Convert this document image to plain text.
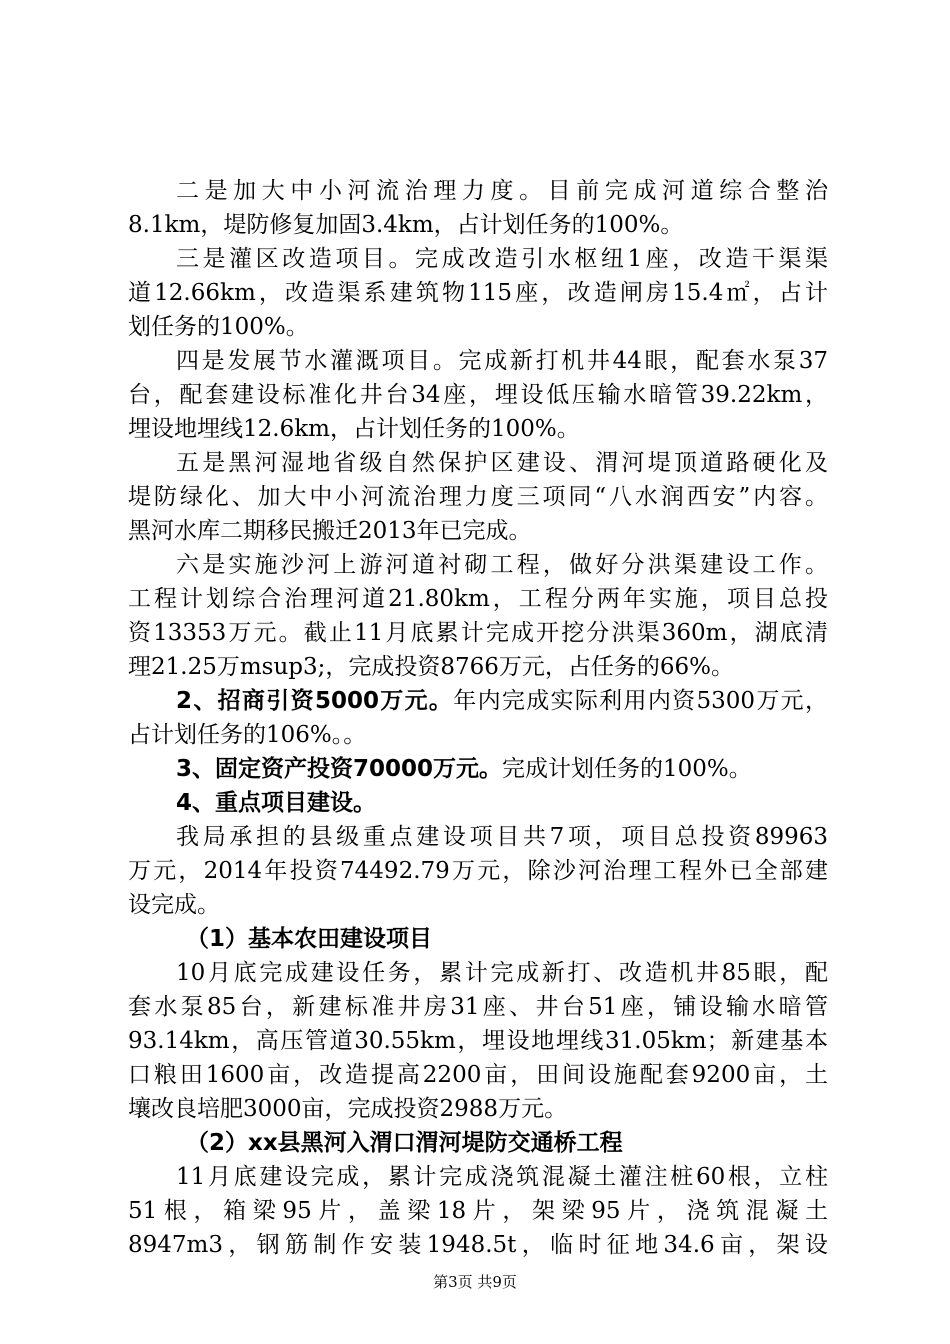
二是加大中小河流治理力度。目前完成河道综合整治
8.1km，堤防修复加固3.4km，占计划任务的100%。
三是灌区改造项目。完成改造引水枢纽1座，改造干渠渠
道12.66km，改造渠系建筑物115座，改造闸房15.4㎡，占计
划任务的100%。
四是发展节水灌溉项目。完成新打机井44眼，配套水泵37
台，配套建设标准化井台34座，埋设低压输水暗管39.22km，
埋设地埋线12.6km，占计划任务的100%。
五是黑河湿地省级自然保护区建设、渭河堤顶道路硬化及
堤防绿化、加大中小河流治理力度三项同“八水润西安”内容。
黑河水库二期移民搬迁2013年已完成。
六是实施沙河上游河道衬砌工程，做好分洪渠建设工作。
工程计划综合治理河道21.80km，工程分两年实施，项目总投
资13353万元。截止11月底累计完成开挖分洪渠360m，湖底清
理21.25万msup3;，完成投资8766万元，占任务的66%。
2、招商引资5000万元。年内完成实际利用内资5300万元，
占计划任务的106%。。
3、固定资产投资70000万元。完成计划任务的100%。
4、重点项目建设。
我局承担的县级重点建设项目共7项，项目总投资89963
万元，2014年投资74492.79万元，除沙河治理工程外已全部建
设完成。
（1）基本农田建设项目
10月底完成建设任务，累计完成新打、改造机井85眼，配
套水泵85台，新建标准井房31座、井台51座，铺设输水暗管
93.14km，高压管道30.55km，埋设地埋线31.05km；新建基本
口粮田1600亩，改造提高2200亩，田间设施配套9200亩，土
壤改良培肥3000亩，完成投资2988万元。
（2）xx县黑河入渭口渭河堤防交通桥工程
11月底建设完成，累计完成浇筑混凝土灌注桩60根，立柱
51根，箱梁95片，盖梁18片，架梁95片，浇筑混凝土
8947m3，钢筋制作安装1948.5t，临时征地34.6亩，架设
第3页 共9页
